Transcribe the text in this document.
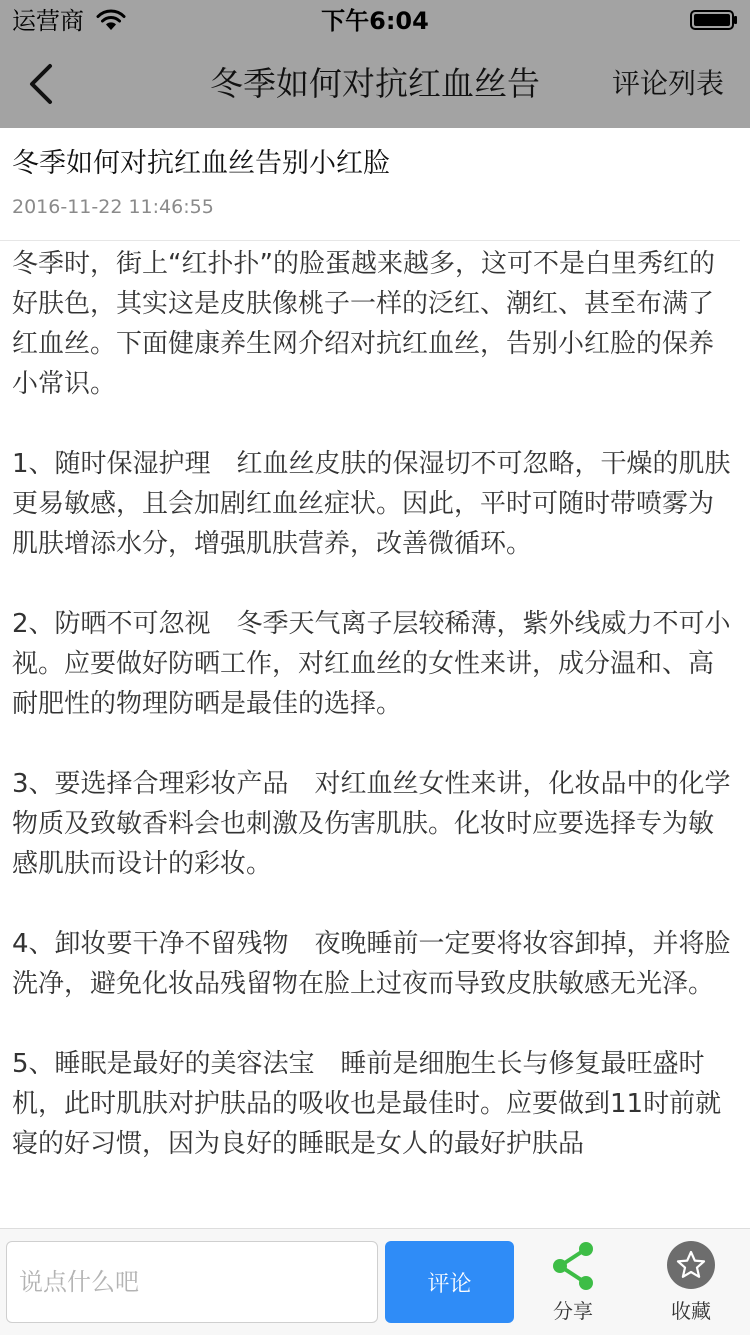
运营商	下午6:04
冬季如何对抗红血丝告	评论列表
冬季如何对抗红血丝告别小红脸
2016-11-22 11:46:55

冬季时，街上“红扑扑”的脸蛋越来越多，这可不是白里秀红的好肤色，其实这是皮肤像桃子一样的泛红、潮红、甚至布满了红血丝。下面健康养生网介绍对抗红血丝，告别小红脸的保养小常识。

1、随时保湿护理　红血丝皮肤的保湿切不可忽略，干燥的肌肤更易敏感，且会加剧红血丝症状。因此，平时可随时带喷雾为肌肤增添水分，增强肌肤营养，改善微循环。

2、防晒不可忽视　冬季天气离子层较稀薄，紫外线威力不可小视。应要做好防晒工作，对红血丝的女性来讲，成分温和、高耐肥性的物理防晒是最佳的选择。

3、要选择合理彩妆产品　对红血丝女性来讲，化妆品中的化学物质及致敏香料会也刺激及伤害肌肤。化妆时应要选择专为敏感肌肤而设计的彩妆。

4、卸妆要干净不留残物　夜晚睡前一定要将妆容卸掉，并将脸洗净，避免化妆品残留物在脸上过夜而导致皮肤敏感无光泽。

5、睡眠是最好的美容法宝　睡前是细胞生长与修复最旺盛时机，此时肌肤对护肤品的吸收也是最佳时。应要做到11时前就寝的好习惯，因为良好的睡眠是女人的最好护肤品

说点什么吧
评论
分享	收藏
